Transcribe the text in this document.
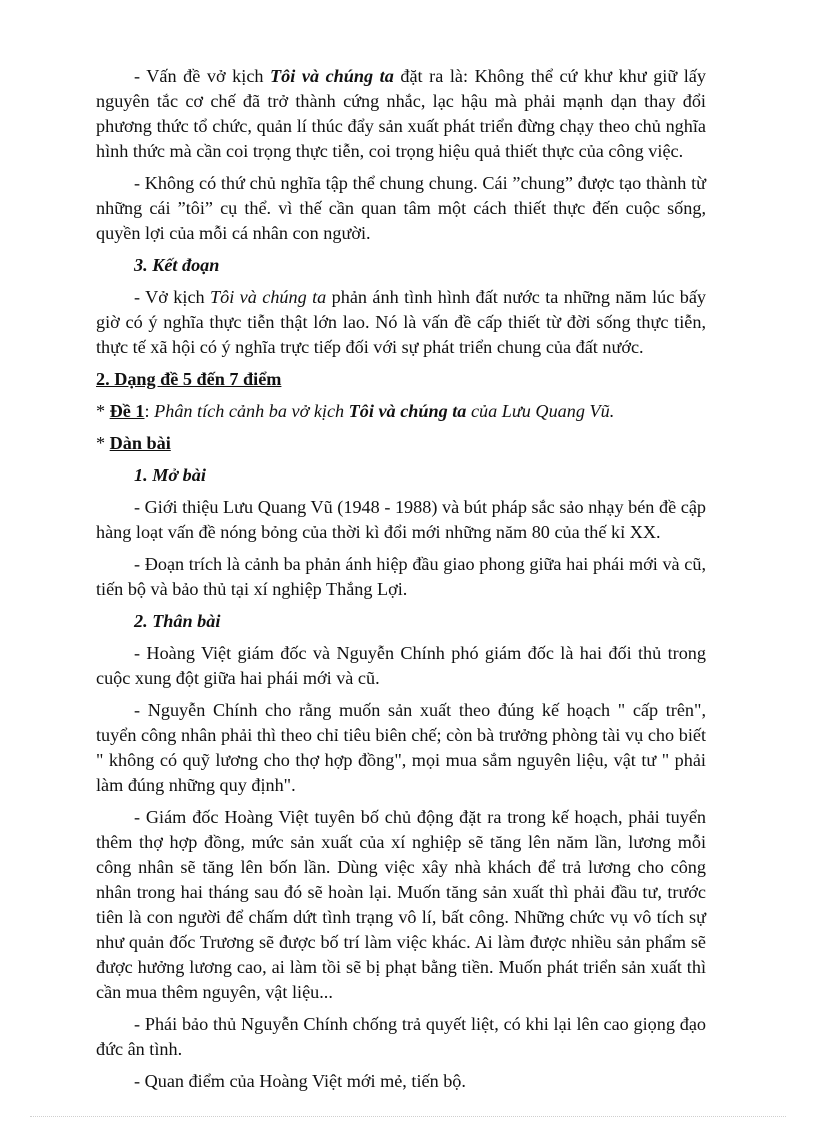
- Vấn đề vở kịch Tôi và chúng ta đặt ra là: Không thể cứ khư khư giữ lấy nguyên tắc cơ chế đã trở thành cứng nhắc, lạc hậu mà phải mạnh dạn thay đổi phương thức tổ chức, quản lí thúc đẩy sản xuất phát triển đừng chạy theo chủ nghĩa hình thức mà cần coi trọng thực tiễn, coi trọng hiệu quả thiết thực của công việc.

- Không có thứ chủ nghĩa tập thể chung chung. Cái ”chung” được tạo thành từ những cái ”tôi” cụ thể. vì thế cần quan tâm một cách thiết thực đến cuộc sống, quyền lợi của mỗi cá nhân con người.

3. Kết đoạn

- Vở kịch Tôi và chúng ta phản ánh tình hình đất nước ta những năm lúc bấy giờ có ý nghĩa thực tiễn thật lớn lao. Nó là vấn đề cấp thiết từ đời sống thực tiễn, thực tế xã hội có ý nghĩa trực tiếp đối với sự phát triển chung của đất nước.

2. Dạng đề 5 đến 7 điểm

* Đề 1: Phân tích cảnh ba vở kịch Tôi và chúng ta của Lưu Quang Vũ.

* Dàn bài

1. Mở bài

- Giới thiệu Lưu Quang Vũ (1948 - 1988) và bút pháp sắc sảo nhạy bén đề cập hàng loạt vấn đề nóng bỏng của thời kì đổi mới những năm 80 của thế kỉ XX.

- Đoạn trích là cảnh ba phản ánh hiệp đầu giao phong giữa hai phái mới và cũ, tiến bộ và bảo thủ tại xí nghiệp Thắng Lợi.

2. Thân bài

- Hoàng Việt giám đốc và Nguyễn Chính phó giám đốc là hai đối thủ trong cuộc xung đột giữa hai phái mới và cũ.

- Nguyễn Chính cho rằng muốn sản xuất theo đúng kế hoạch " cấp trên", tuyển công nhân phải thì theo chỉ tiêu biên chế; còn bà trưởng phòng tài vụ cho biết " không có quỹ lương cho thợ hợp đồng", mọi mua sắm nguyên liệu, vật tư " phải làm đúng những quy định".

- Giám đốc Hoàng Việt tuyên bố chủ động đặt ra trong kế hoạch, phải tuyển thêm thợ hợp đồng, mức sản xuất của xí nghiệp sẽ tăng lên năm lần, lương mỗi công nhân sẽ tăng lên bốn lần. Dùng việc xây nhà khách để trả lương cho công nhân trong hai tháng sau đó sẽ hoàn lại. Muốn tăng sản xuất thì phải đầu tư, trước tiên là con người để chấm dứt tình trạng vô lí, bất công. Những chức vụ vô tích sự như quản đốc Trương sẽ được bố trí làm việc khác. Ai làm được nhiều sản phẩm sẽ được hưởng lương cao, ai làm tồi sẽ bị phạt bằng tiền. Muốn phát triển sản xuất thì cần mua thêm nguyên, vật liệu...

- Phái bảo thủ Nguyễn Chính chống trả quyết liệt, có khi lại lên cao giọng đạo đức ân tình.

- Quan điểm của Hoàng Việt mới mẻ, tiến bộ.
